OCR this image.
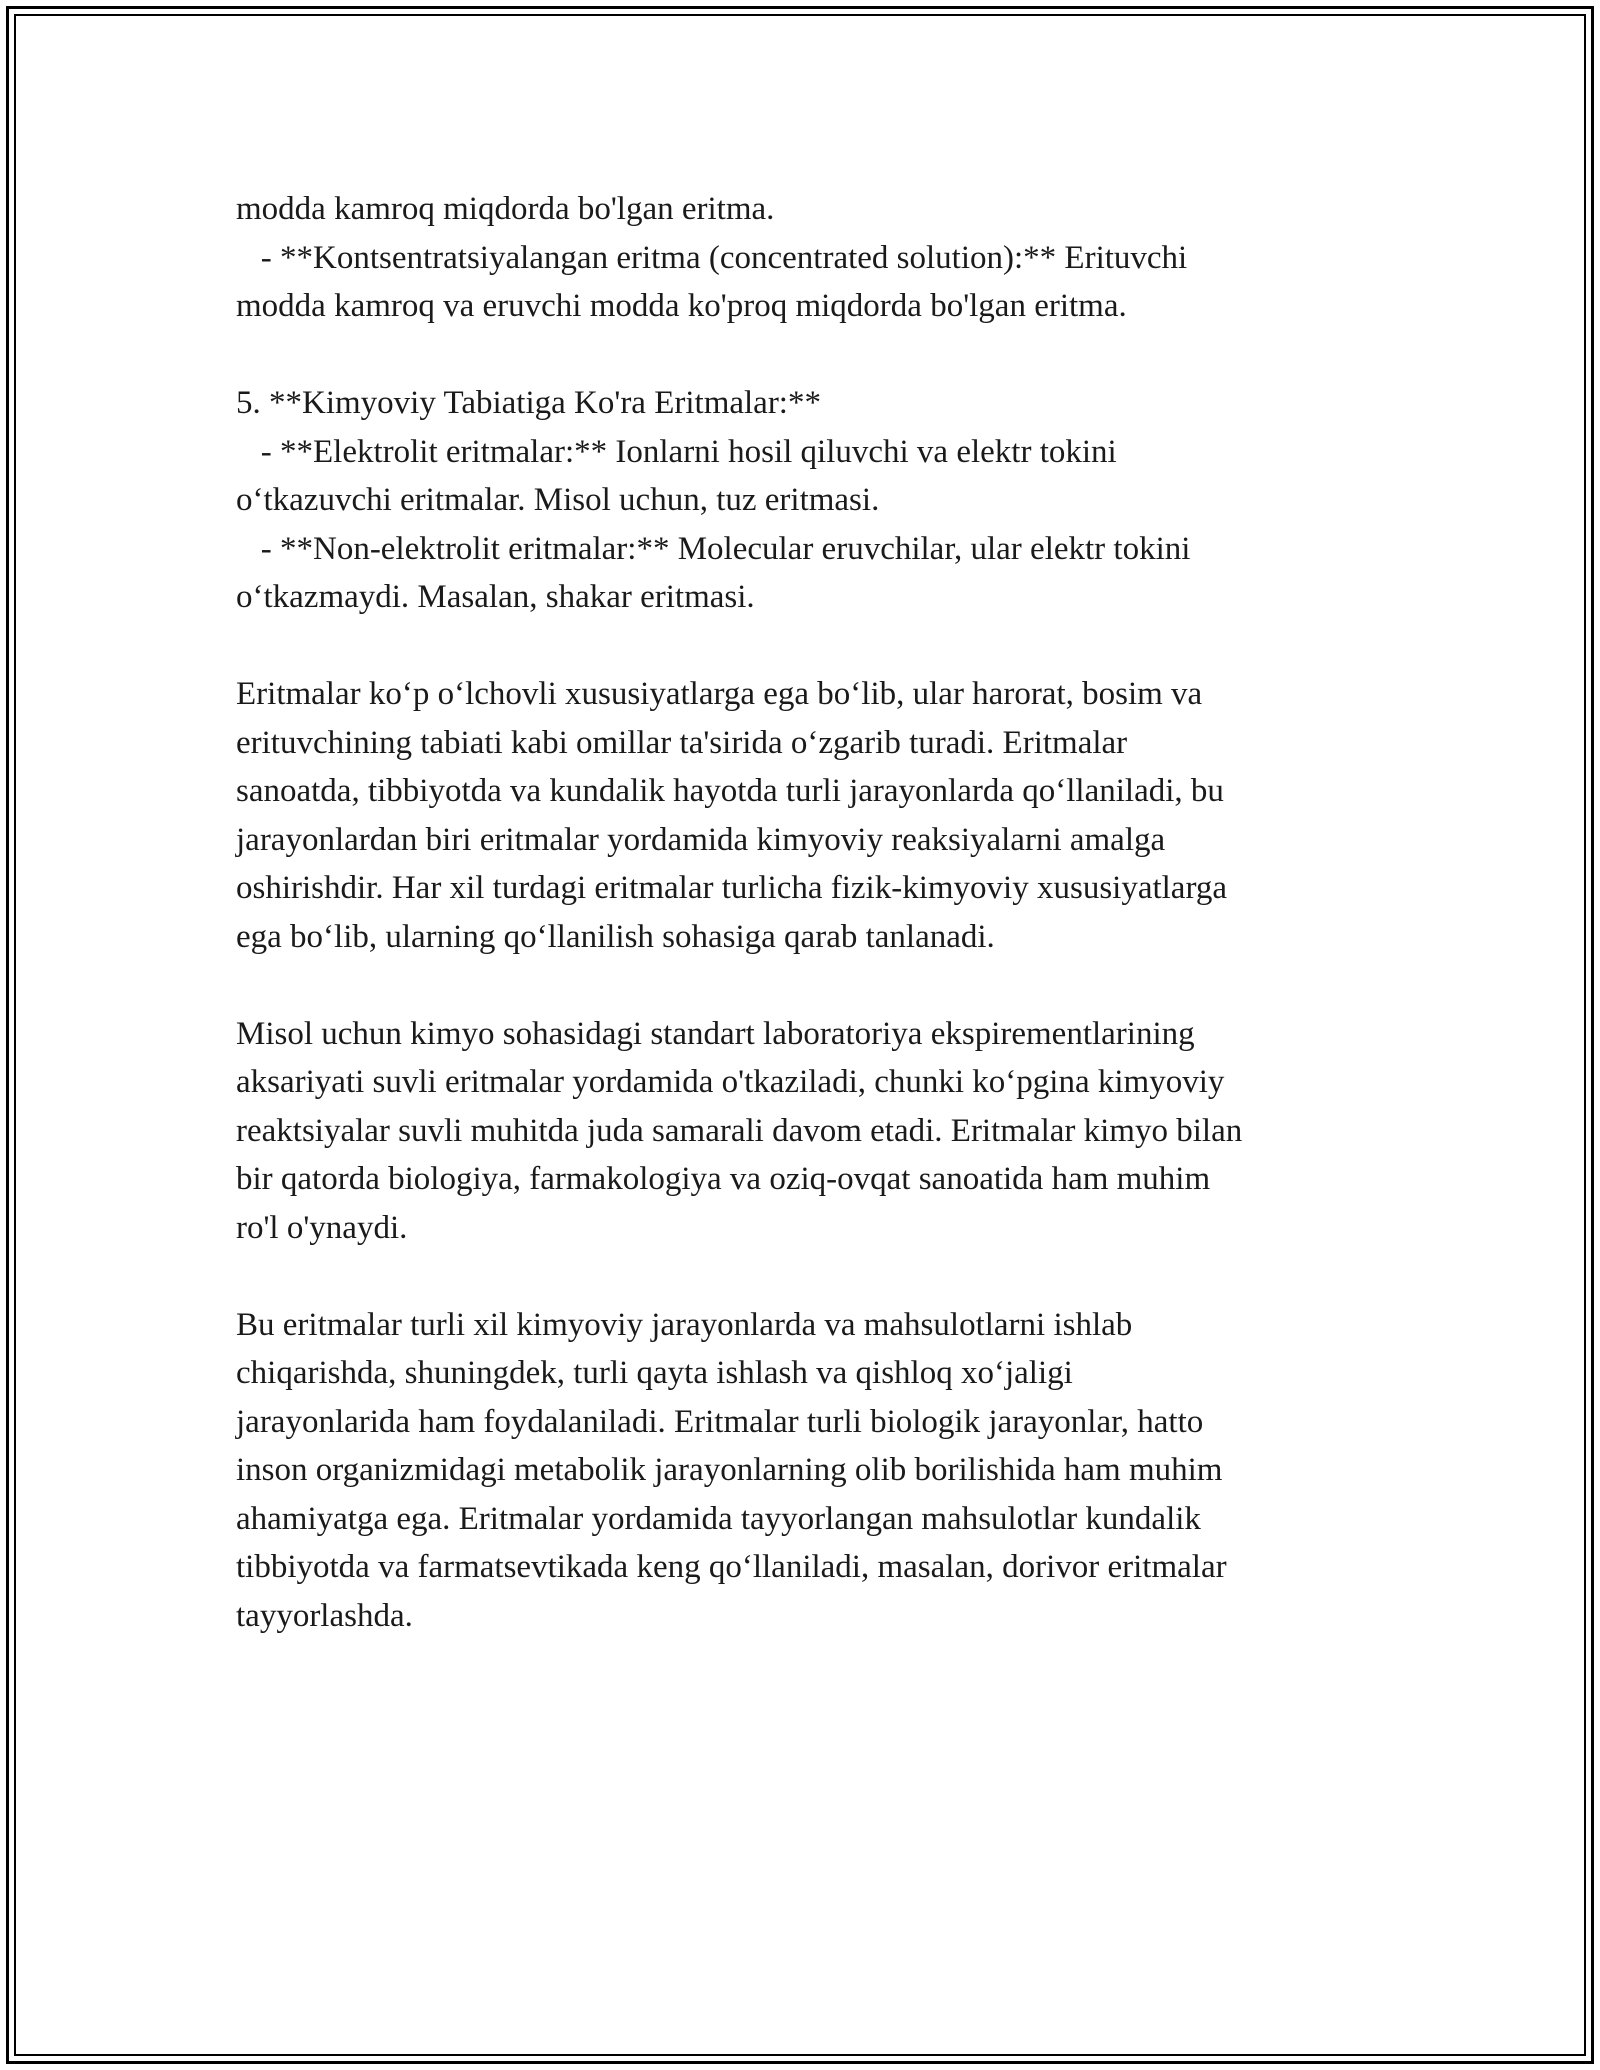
modda kamroq miqdorda bo'lgan eritma.
- **Kontsentratsiyalangan eritma (concentrated solution):** Erituvchi
modda kamroq va eruvchi modda ko'proq miqdorda bo'lgan eritma.
5. **Kimyoviy Tabiatiga Ko'ra Eritmalar:**
- **Elektrolit eritmalar:** Ionlarni hosil qiluvchi va elektr tokini
o‘tkazuvchi eritmalar. Misol uchun, tuz eritmasi.
- **Non-elektrolit eritmalar:** Molecular eruvchilar, ular elektr tokini
o‘tkazmaydi. Masalan, shakar eritmasi.
Eritmalar ko‘p o‘lchovli xususiyatlarga ega bo‘lib, ular harorat, bosim va
erituvchining tabiati kabi omillar ta'sirida o‘zgarib turadi. Eritmalar
sanoatda, tibbiyotda va kundalik hayotda turli jarayonlarda qo‘llaniladi, bu
jarayonlardan biri eritmalar yordamida kimyoviy reaksiyalarni amalga
oshirishdir. Har xil turdagi eritmalar turlicha fizik-kimyoviy xususiyatlarga
ega bo‘lib, ularning qo‘llanilish sohasiga qarab tanlanadi.
Misol uchun kimyo sohasidagi standart laboratoriya ekspirementlarining
aksariyati suvli eritmalar yordamida o'tkaziladi, chunki ko‘pgina kimyoviy
reaktsiyalar suvli muhitda juda samarali davom etadi. Eritmalar kimyo bilan
bir qatorda biologiya, farmakologiya va oziq-ovqat sanoatida ham muhim
ro'l o'ynaydi.
Bu eritmalar turli xil kimyoviy jarayonlarda va mahsulotlarni ishlab
chiqarishda, shuningdek, turli qayta ishlash va qishloq xo‘jaligi
jarayonlarida ham foydalaniladi. Eritmalar turli biologik jarayonlar, hatto
inson organizmidagi metabolik jarayonlarning olib borilishida ham muhim
ahamiyatga ega. Eritmalar yordamida tayyorlangan mahsulotlar kundalik
tibbiyotda va farmatsevtikada keng qo‘llaniladi, masalan, dorivor eritmalar
tayyorlashda.
